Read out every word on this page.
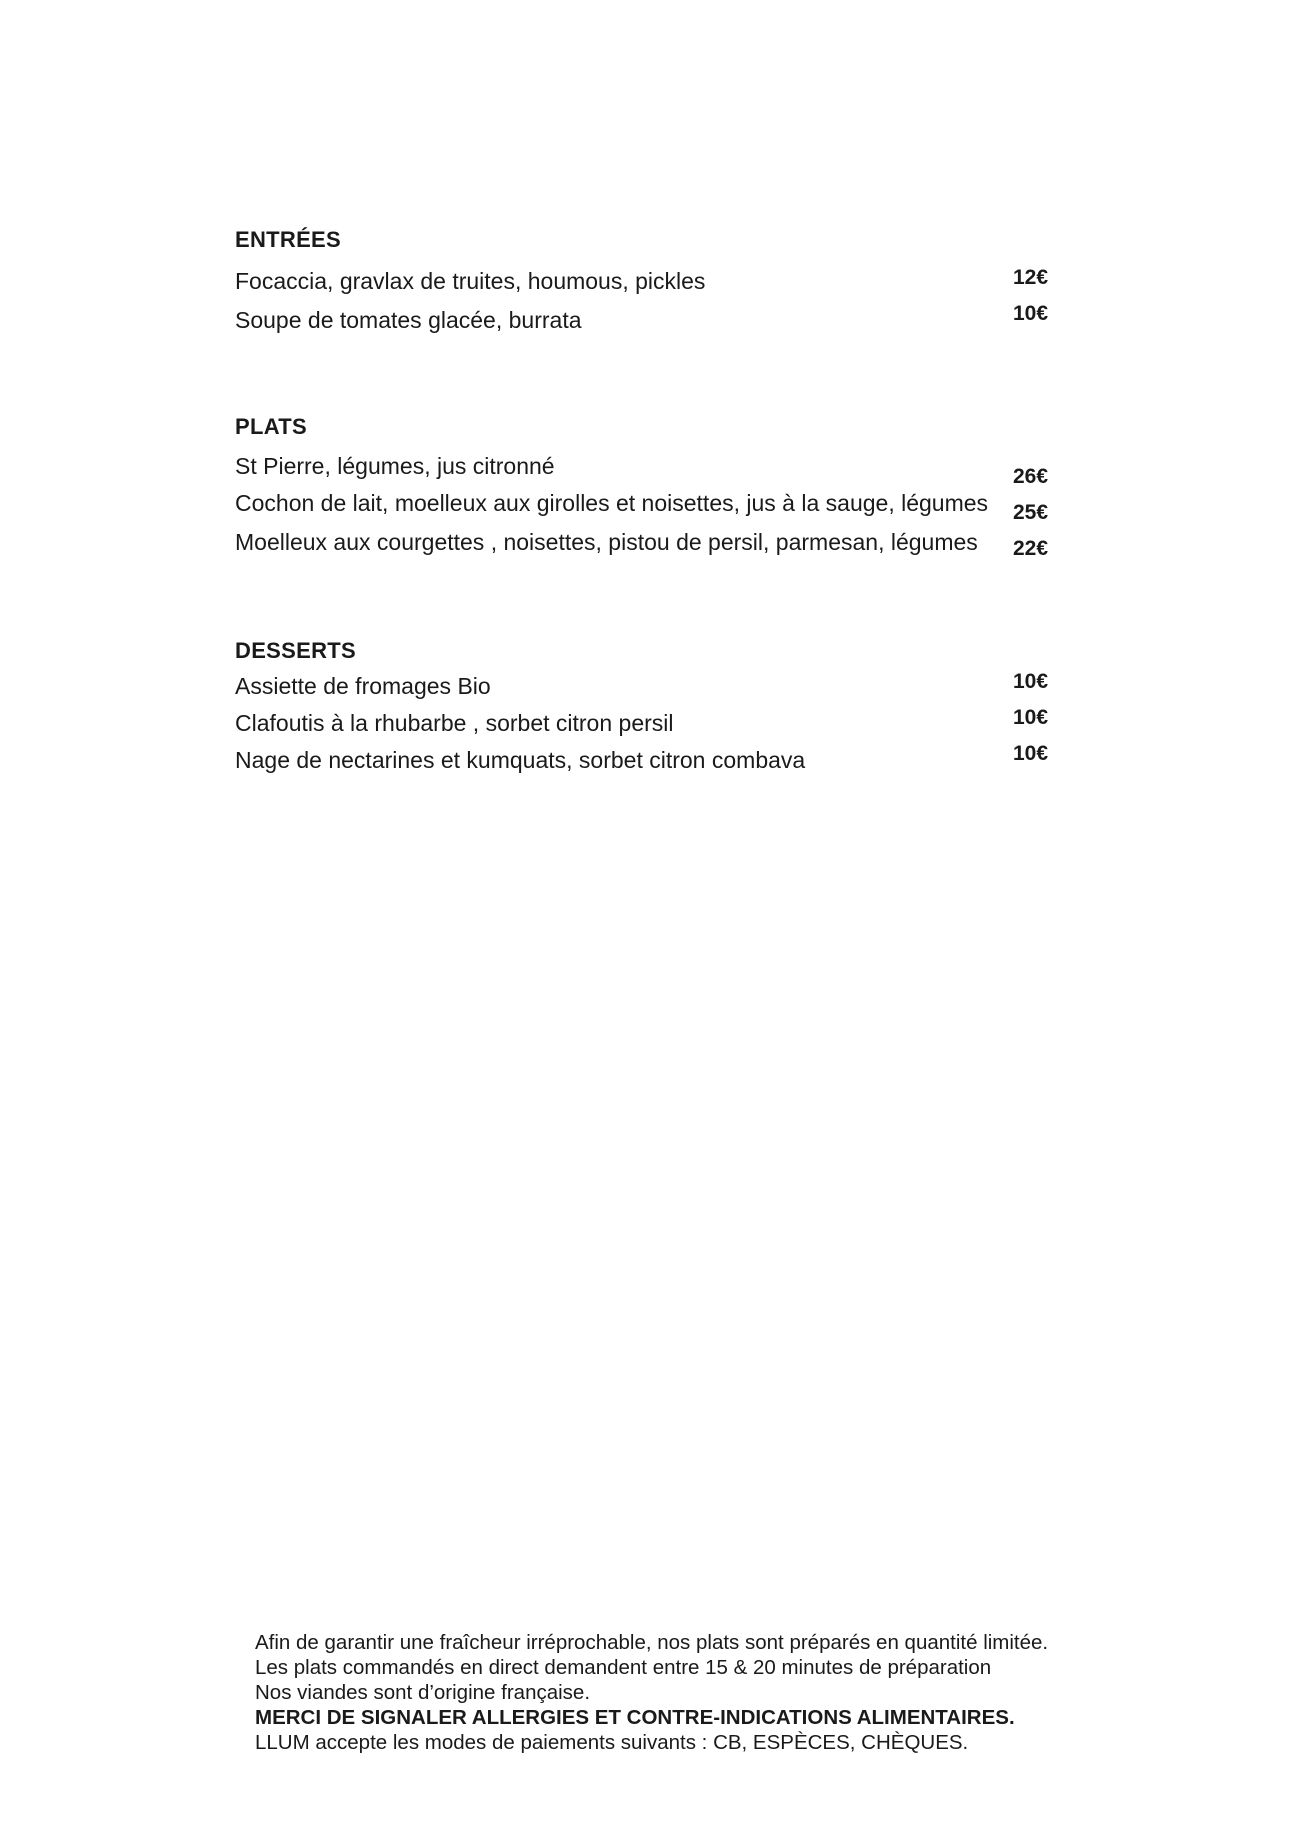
ENTRÉES
Focaccia, gravlax de truites, houmous, pickles	12€
Soupe de tomates glacée, burrata	10€
PLATS
St Pierre, légumes, jus citronné	26€
Cochon de lait, moelleux aux girolles et noisettes, jus à la sauge, légumes 25€
Moelleux aux courgettes , noisettes, pistou de persil, parmesan, légumes 22€
DESSERTS
Assiette de fromages Bio	10€
Clafoutis à la rhubarbe , sorbet citron persil	10€
Nage de nectarines et kumquats, sorbet citron combava	10€
Afin de garantir une fraîcheur irréprochable, nos plats sont préparés en quantité limitée.
Les plats commandés en direct demandent entre 15 & 20 minutes de préparation
Nos viandes sont d’origine française.
MERCI DE SIGNALER ALLERGIES ET CONTRE-INDICATIONS ALIMENTAIRES.
LLUM accepte les modes de paiements suivants : CB, ESPÈCES, CHÈQUES.
